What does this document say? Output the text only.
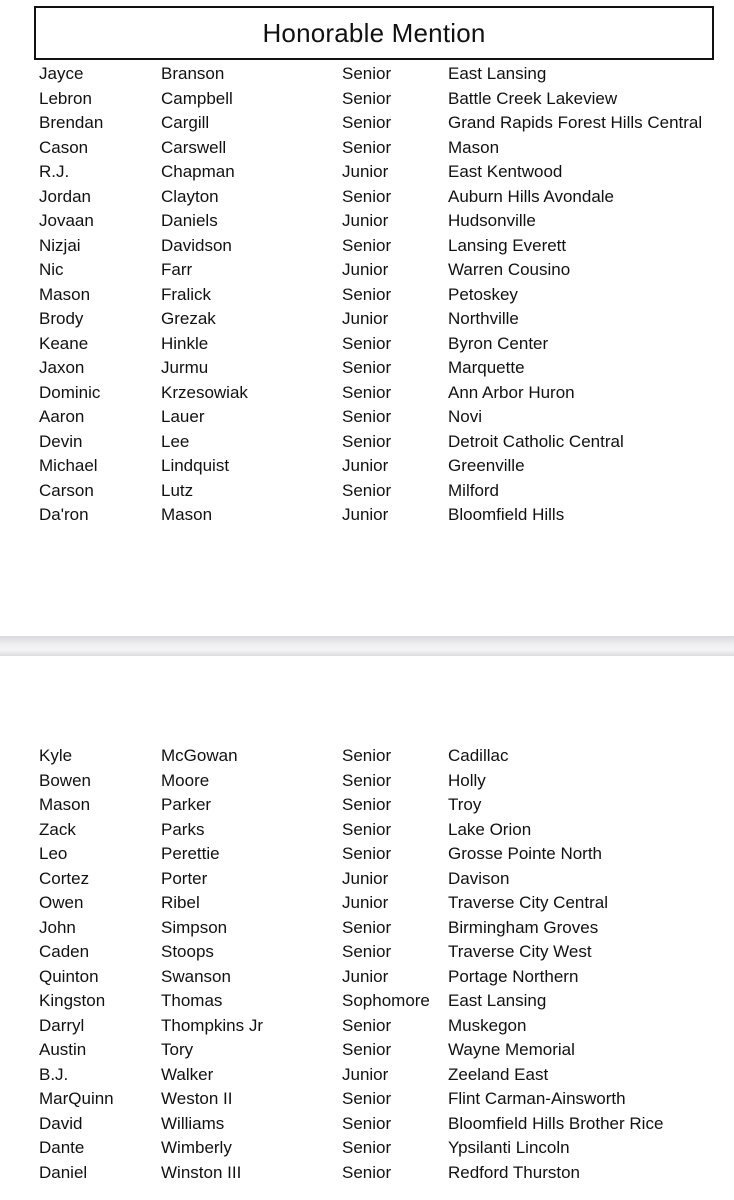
Honorable Mention
Jayce	Branson	Senior	East Lansing
Lebron	Campbell	Senior	Battle Creek Lakeview
Brendan	Cargill	Senior	Grand Rapids Forest Hills Central
Cason	Carswell	Senior	Mason
R.J.	Chapman	Junior	East Kentwood
Jordan	Clayton	Senior	Auburn Hills Avondale
Jovaan	Daniels	Junior	Hudsonville
Nizjai	Davidson	Senior	Lansing Everett
Nic	Farr	Junior	Warren Cousino
Mason	Fralick	Senior	Petoskey
Brody	Grezak	Junior	Northville
Keane	Hinkle	Senior	Byron Center
Jaxon	Jurmu	Senior	Marquette
Dominic	Krzesowiak	Senior	Ann Arbor Huron
Aaron	Lauer	Senior	Novi
Devin	Lee	Senior	Detroit Catholic Central
Michael	Lindquist	Junior	Greenville
Carson	Lutz	Senior	Milford
Da'ron	Mason	Junior	Bloomfield Hills
Kyle	McGowan	Senior	Cadillac
Bowen	Moore	Senior	Holly
Mason	Parker	Senior	Troy
Zack	Parks	Senior	Lake Orion
Leo	Perettie	Senior	Grosse Pointe North
Cortez	Porter	Junior	Davison
Owen	Ribel	Junior	Traverse City Central
John	Simpson	Senior	Birmingham Groves
Caden	Stoops	Senior	Traverse City West
Quinton	Swanson	Junior	Portage Northern
Kingston	Thomas	Sophomore East Lansing
Darryl	Thompkins Jr	Senior	Muskegon
Austin	Tory	Senior	Wayne Memorial
B.J.	Walker	Junior	Zeeland East
MarQuinn	Weston II	Senior	Flint Carman-Ainsworth
David	Williams	Senior	Bloomfield Hills Brother Rice
Dante	Wimberly	Senior	Ypsilanti Lincoln
Daniel	Winston III	Senior	Redford Thurston
